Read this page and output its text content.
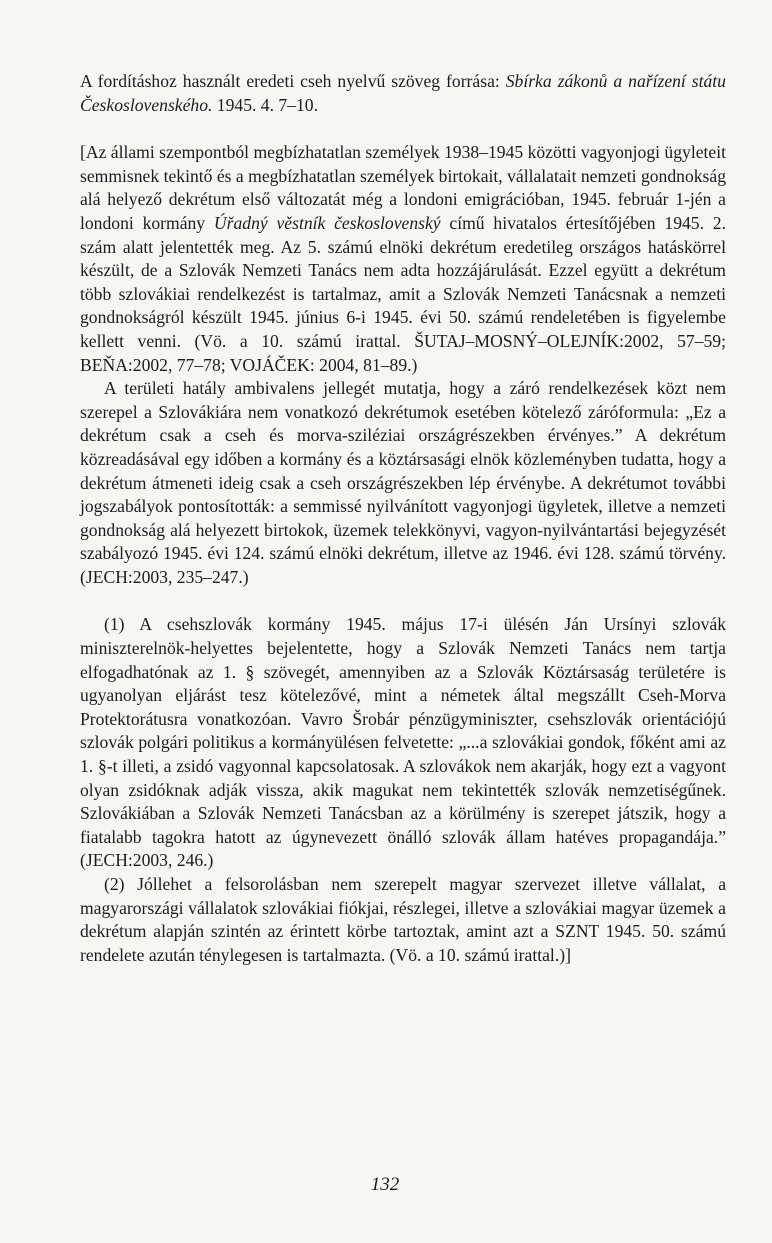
A fordításhoz használt eredeti cseh nyelvű szöveg forrása: Sbírka zákonů a nařízení státu Československého. 1945. 4. 7–10.

[Az állami szempontból megbízhatatlan személyek 1938–1945 közötti vagyonjogi ügyleteit semmisnek tekintő és a megbízhatatlan személyek birtokait, vállalatait nemzeti gondnokság alá helyező dekrétum első változatát még a londoni emigrációban, 1945. február 1-jén a londoni kormány Úřadný věstník československý című hivatalos értesítőjében 1945. 2. szám alatt jelentették meg. Az 5. számú elnöki dekrétum eredetileg országos hatáskörrel készült, de a Szlovák Nemzeti Tanács nem adta hozzájárulását. Ezzel együtt a dekrétum több szlovákiai rendelkezést is tartalmaz, amit a Szlovák Nemzeti Tanácsnak a nemzeti gondnokságról készült 1945. június 6-i 1945. évi 50. számú rendeletében is figyelembe kellett venni. (Vö. a 10. számú irattal. ŠUTAJ–MOSNÝ–OLEJNÍK:2002, 57–59; BEŇA:2002, 77–78; VOJÁČEK: 2004, 81–89.)

A területi hatály ambivalens jellegét mutatja, hogy a záró rendelkezések közt nem szerepel a Szlovákiára nem vonatkozó dekrétumok esetében kötelező záróformula: „Ez a dekrétum csak a cseh és morva-sziléziai országrészekben érvényes.” A dekrétum közreadásával egy időben a kormány és a köztársasági elnök közleményben tudatta, hogy a dekrétum átmeneti ideig csak a cseh országrészekben lép érvénybe. A dekrétumot további jogszabályok pontosították: a semmissé nyilvánított vagyonjogi ügyletek, illetve a nemzeti gondnokság alá helyezett birtokok, üzemek telekkönyvi, vagyon-nyilvántartási bejegyzését szabályozó 1945. évi 124. számú elnöki dekrétum, illetve az 1946. évi 128. számú törvény. (JECH:2003, 235–247.)

(1) A csehszlovák kormány 1945. május 17-i ülésén Ján Ursínyi szlovák miniszterelnök-helyettes bejelentette, hogy a Szlovák Nemzeti Tanács nem tartja elfogadhatónak az 1. § szövegét, amennyiben az a Szlovák Köztársaság területére is ugyanolyan eljárást tesz kötelezővé, mint a németek által megszállt Cseh-Morva Protektorátusra vonatkozóan. Vavro Šrobár pénzügyminiszter, csehszlovák orientációjú szlovák polgári politikus a kormányülésen felvetette: „...a szlovákiai gondok, főként ami az 1. §-t illeti, a zsidó vagyonnal kapcsolatosak. A szlovákok nem akarják, hogy ezt a vagyont olyan zsidóknak adják vissza, akik magukat nem tekintették szlovák nemzetiségűnek. Szlovákiában a Szlovák Nemzeti Tanácsban az a körülmény is szerepet játszik, hogy a fiatalabb tagokra hatott az úgynevezett önálló szlovák állam hatéves propagandája.” (JECH:2003, 246.)

(2) Jóllehet a felsorolásban nem szerepelt magyar szervezet illetve vállalat, a magyarországi vállalatok szlovákiai fiókjai, részlegei, illetve a szlovákiai magyar üzemek a dekrétum alapján szintén az érintett körbe tartoztak, amint azt a SZNT 1945. 50. számú rendelete azután ténylegesen is tartalmazta. (Vö. a 10. számú irattal.)]

132
